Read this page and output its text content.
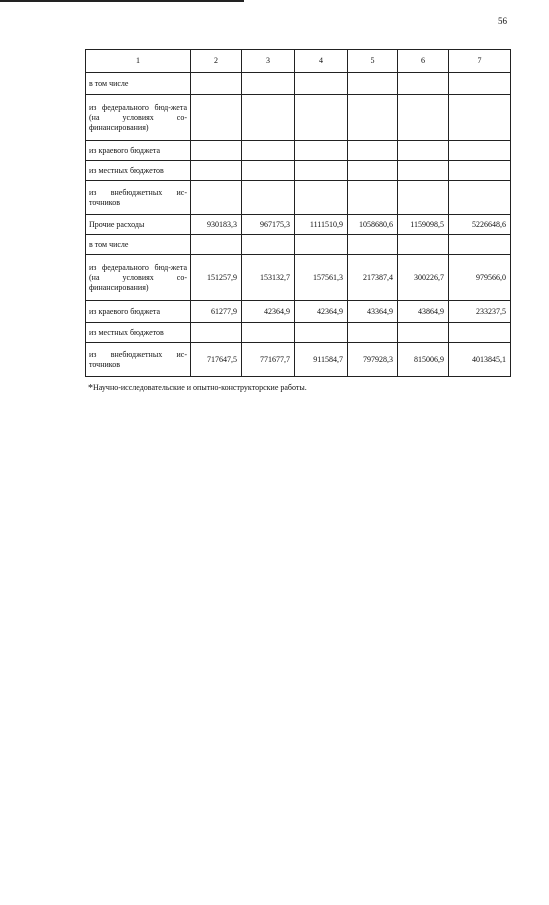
56
1	2	3	4	5	6	7
в том числе						
из федерального бюд-жета (на условиях со-финансирования)						
из краевого бюджета						
из местных бюджетов						
из внебюджетных ис-точников						
Прочие расходы	930183,3	967175,3	1111510,9	1058680,6	1159098,5	5226648,6
в том числе						
из федерального бюд-жета (на условиях со-финансирования)	151257,9	153132,7	157561,3	217387,4	300226,7	979566,0
из краевого бюджета	61277,9	42364,9	42364,9	43364,9	43864,9	233237,5
из местных бюджетов						
из внебюджетных ис-точников	717647,5	771677,7	911584,7	797928,3	815006,9	4013845,1
*Научно-исследовательские и опытно-конструкторские работы.
